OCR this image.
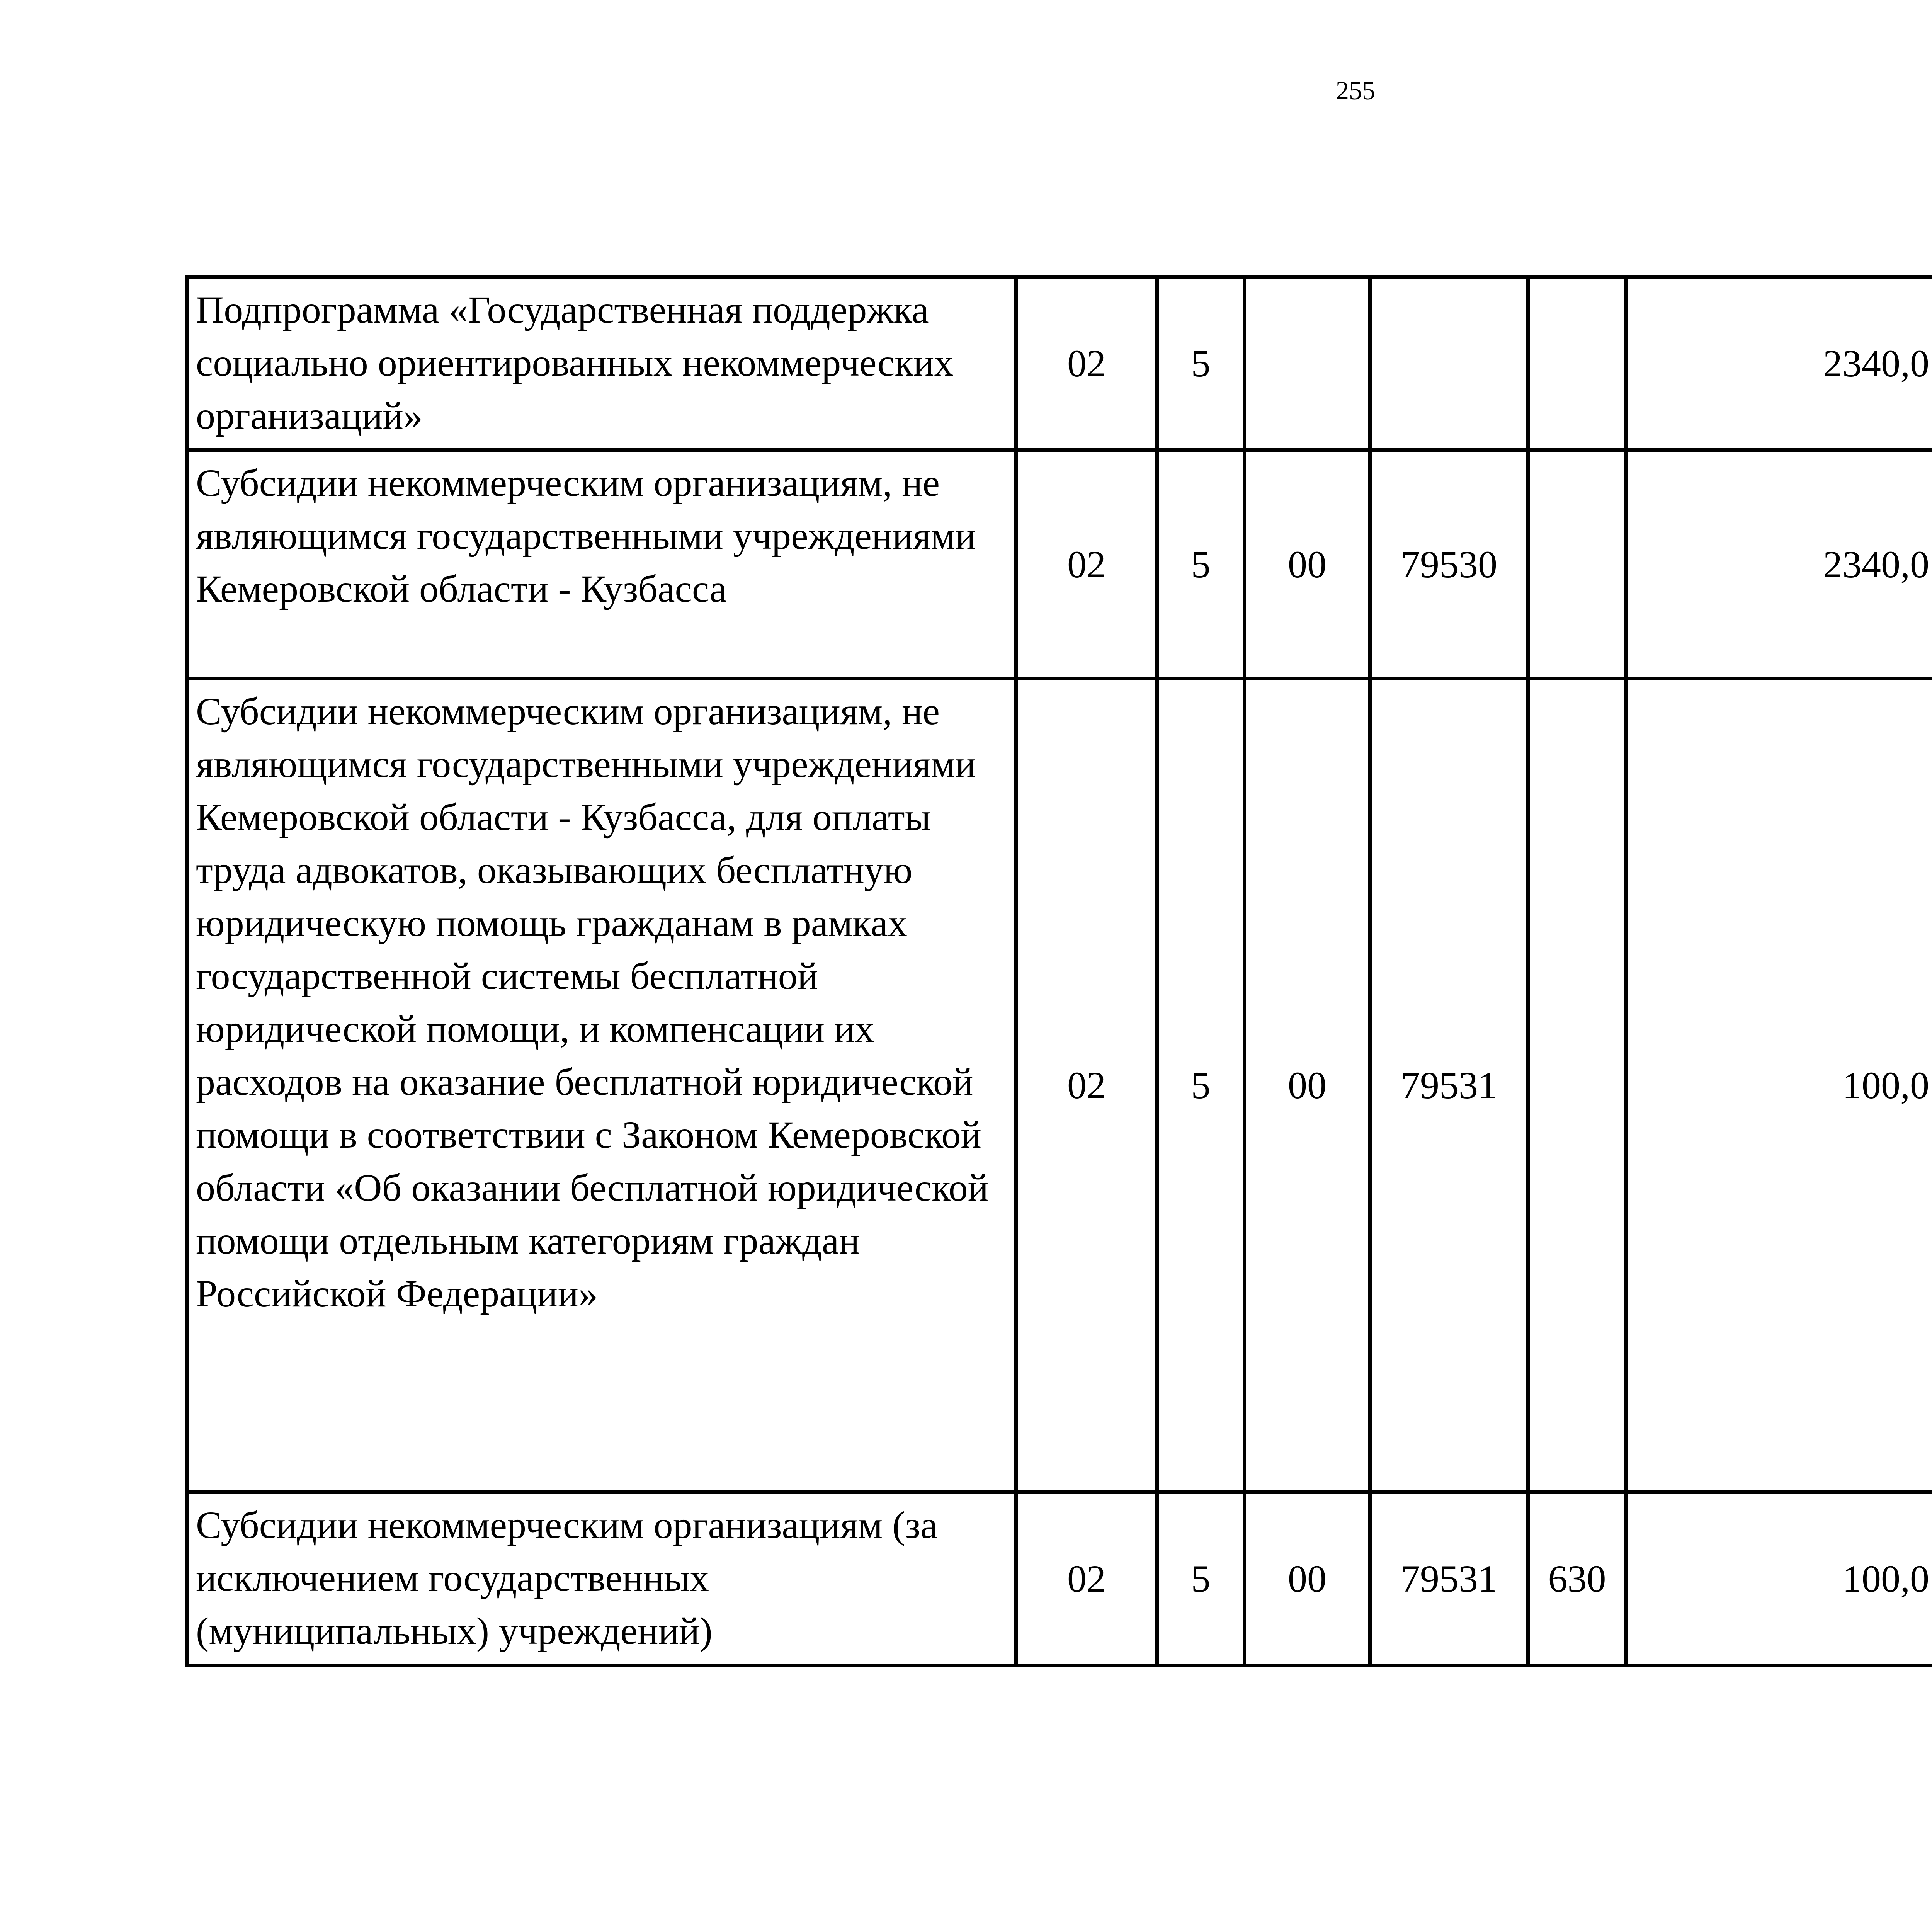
255
Подпрограмма «Государственная поддержка социально ориентированных некоммерческих организаций»	02	5				2340,0		
Субсидии некоммерческим организациям, не являющимся государственными учреждениями Кемеровской области - Кузбасса	02	5	00	79530		2340,0		
Субсидии некоммерческим организациям, не являющимся государственными учреждениями Кемеровской области - Кузбасса, для оплаты труда адвокатов, оказывающих бесплатную юридическую помощь гражданам в рамках государственной системы бесплатной юридической помощи, и компенсации их расходов на оказание бесплатной юридической помощи в соответствии с Законом Кемеровской области «Об оказании бесплатной юридической помощи отдельным категориям граждан Российской Федерации»	02	5	00	79531		100,0		
Субсидии некоммерческим организациям (за исключением государственных (муниципальных) учреждений)	02	5	00	79531	630	100,0		
